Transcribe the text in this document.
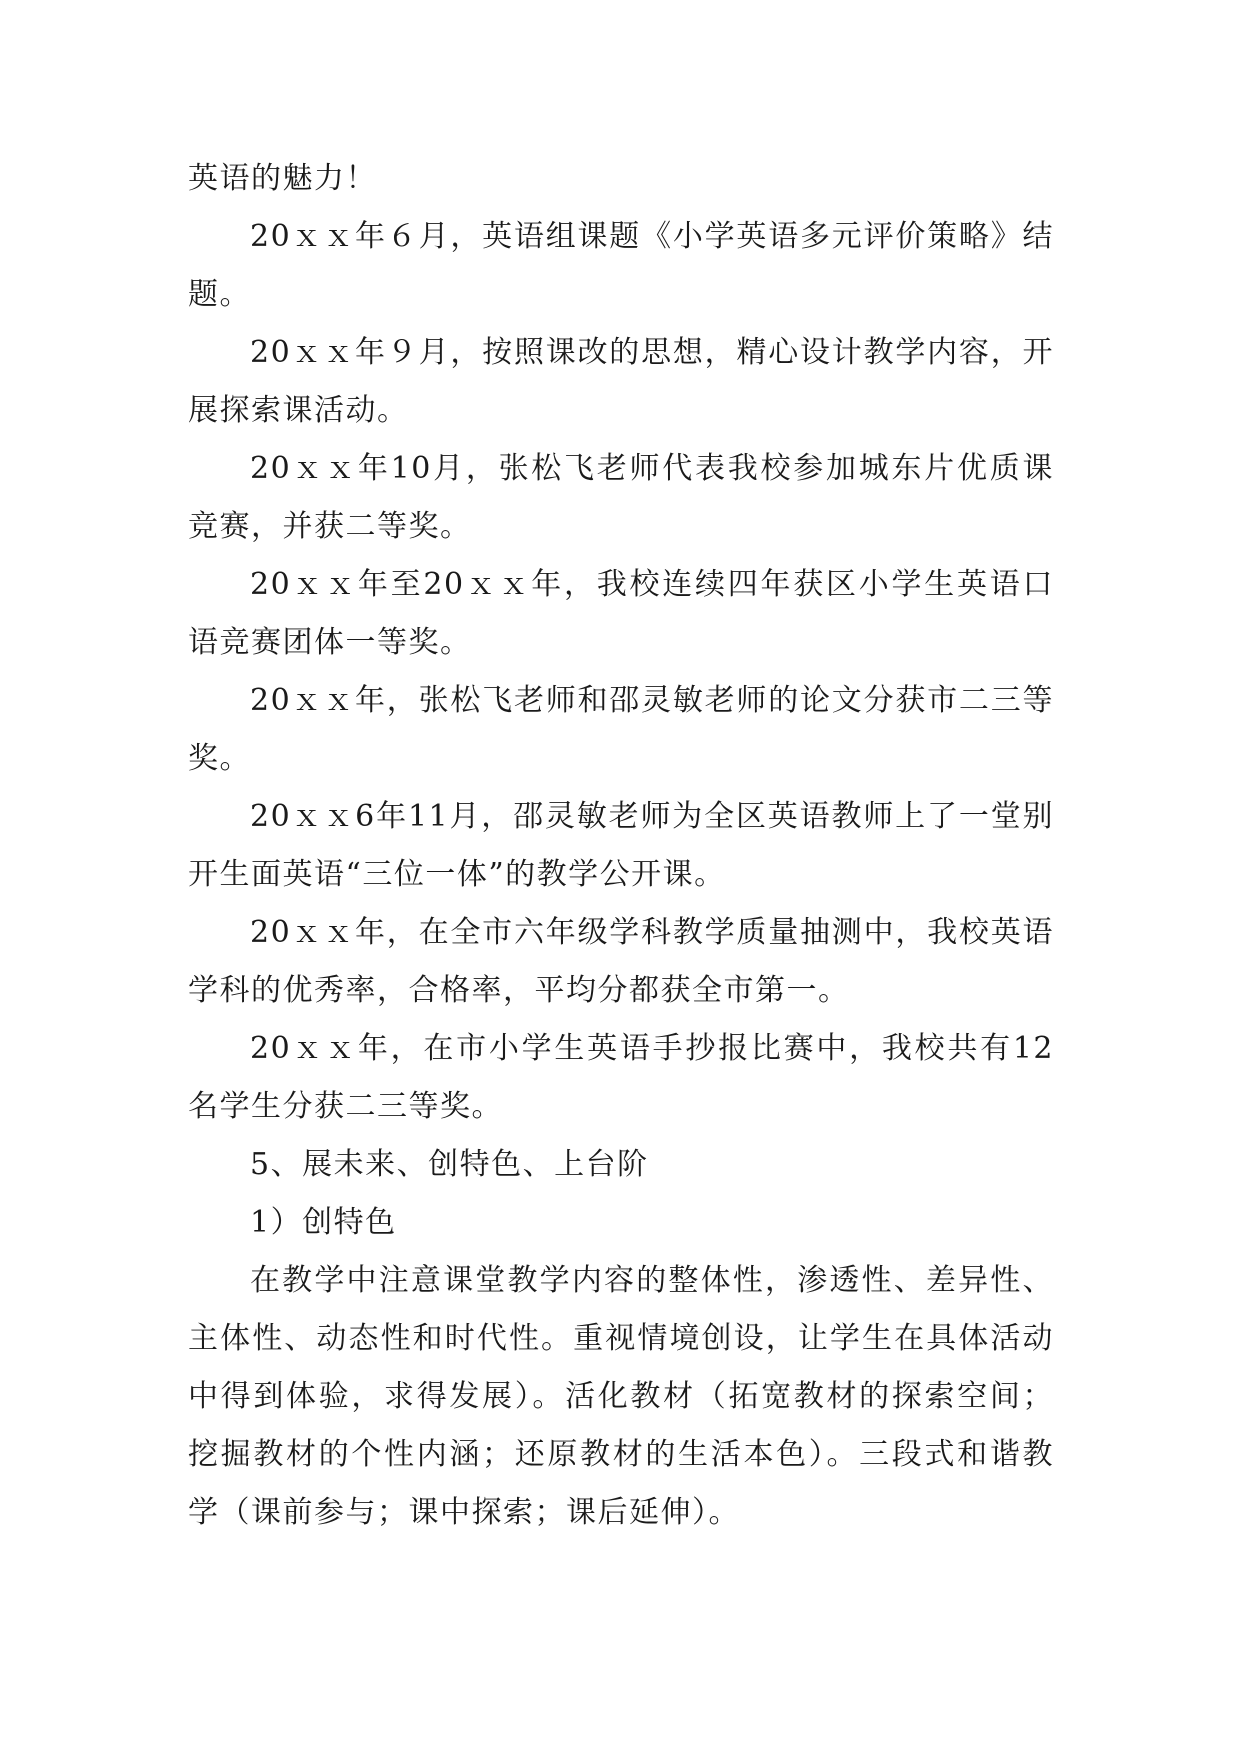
英语的魅力！

20ｘｘ年６月，英语组课题《小学英语多元评价策略》结题。

20ｘｘ年９月，按照课改的思想，精心设计教学内容，开展探索课活动。

20ｘｘ年10月，张松飞老师代表我校参加城东片优质课竞赛，并获二等奖。

20ｘｘ年至20ｘｘ年，我校连续四年获区小学生英语口语竞赛团体一等奖。

20ｘｘ年，张松飞老师和邵灵敏老师的论文分获市二三等奖。

20ｘｘ6年11月，邵灵敏老师为全区英语教师上了一堂别开生面英语“三位一体”的教学公开课。

20ｘｘ年，在全市六年级学科教学质量抽测中，我校英语学科的优秀率，合格率，平均分都获全市第一。

20ｘｘ年，在市小学生英语手抄报比赛中，我校共有12名学生分获二三等奖。

5、展未来、创特色、上台阶

1）创特色

在教学中注意课堂教学内容的整体性，渗透性、差异性、主体性、动态性和时代性。重视情境创设，让学生在具体活动中得到体验，求得发展）。活化教材（拓宽教材的探索空间；挖掘教材的个性内涵；还原教材的生活本色）。三段式和谐教学（课前参与；课中探索；课后延伸）。
